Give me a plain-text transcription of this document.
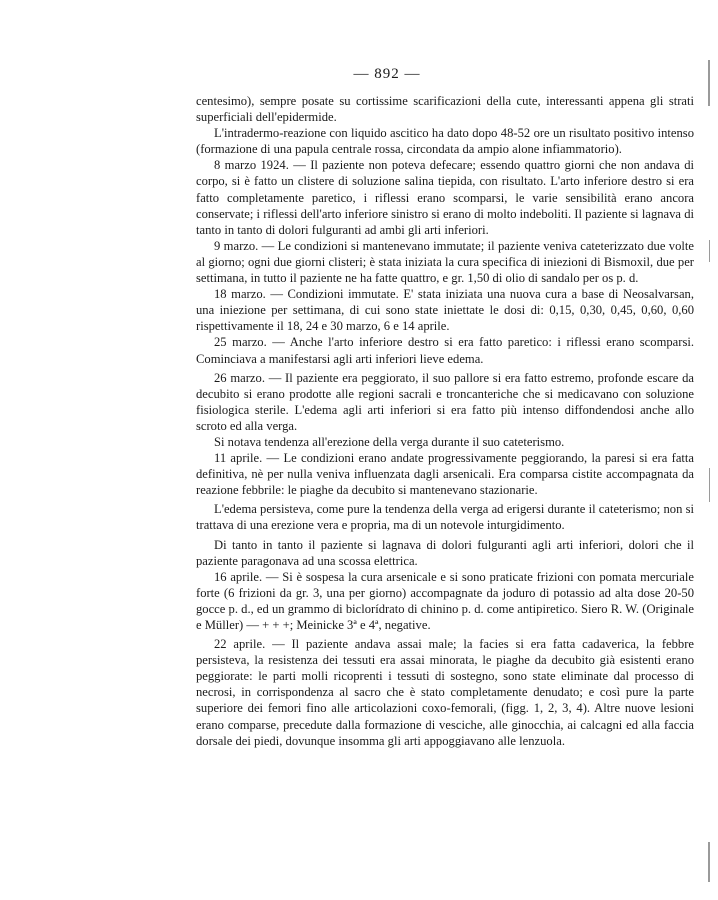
— 892 —

centesimo), sempre posate su cortissime scarificazioni della cute, interessanti appena gli strati superficiali dell'epidermide.

L'intradermo-reazione con liquido ascitico ha dato dopo 48-52 ore un risultato positivo intenso (formazione di una papula centrale rossa, circondata da ampio alone infiammatorio).

8 marzo 1924. –– Il paziente non poteva defecare; essendo quattro giorni che non andava di corpo, si è fatto un clistere di soluzione salina tiepida, con risultato. L'arto inferiore destro si era fatto completamente paretico, i riflessi erano scomparsi, le varie sensibilità erano ancora conservate; i riflessi dell'arto inferiore sinistro si erano di molto indeboliti. Il paziente si lagnava di tanto in tanto di dolori fulguranti ad ambi gli arti inferiori.

9 marzo. — Le condizioni si mantenevano immutate; il paziente veniva cateterizzato due volte al giorno; ogni due giorni clisteri; è stata iniziata la cura specifica di iniezioni di Bismoxil, due per settimana, in tutto il paziente ne ha fatte quattro, e gr. 1,50 di olio di sandalo per os p. d.

18 marzo. — Condizioni immutate. E' stata iniziata una nuova cura a base di Neosalvarsan, una iniezione per settimana, di cui sono state iniettate le dosi di: 0,15, 0,30, 0,45, 0,60, 0,60 rispettivamente il 18, 24 e 30 marzo, 6 e 14 aprile.

25 marzo. — Anche l'arto inferiore destro si era fatto paretico: i riflessi erano scomparsi. Cominciava a manifestarsi agli arti inferiori lieve edema.

26 marzo. — Il paziente era peggiorato, il suo pallore si era fatto estremo, profonde escare da decubito si erano prodotte alle regioni sacrali e troncanteriche che si medicavano con soluzione fisiologica sterile. L'edema agli arti inferiori si era fatto più intenso diffondendosi anche allo scroto ed alla verga.

Si notava tendenza all'erezione della verga durante il suo cateterismo.

11 aprile. — Le condizioni erano andate progressivamente peggiorando, la paresi si era fatta definitiva, nè per nulla veniva influenzata dagli arsenicali. Era comparsa cistite accompagnata da reazione febbrile: le piaghe da decubito si mantenevano stazionarie.

L'edema persisteva, come pure la tendenza della verga ad erigersi durante il cateterismo; non si trattava di una erezione vera e propria, ma di un notevole inturgidimento.

Di tanto in tanto il paziente si lagnava di dolori fulguranti agli arti inferiori, dolori che il paziente paragonava ad una scossa elettrica.

16 aprile. — Si è sospesa la cura arsenicale e si sono praticate frizioni con pomata mercuriale forte (6 frizioni da gr. 3, una per giorno) accompagnate da joduro di potassio ad alta dose 20-50 gocce p. d., ed un grammo di biclorídrato di chinino p. d. come antipiretico. Siero R. W. (Originale e Müller) — + + +; Meinicke 3ª e 4ª, negative.

22 aprile. — Il paziente andava assai male; la facies si era fatta cadaverica, la febbre persisteva, la resistenza dei tessuti era assai minorata, le piaghe da decubito già esistenti erano peggiorate: le parti molli ricoprenti i tessuti di sostegno, sono state eliminate dal processo di necrosi, in corrispondenza al sacro che è stato completamente denudato; e così pure la parte superiore dei femori fino alle articolazioni coxo-femorali, (figg. 1, 2, 3, 4). Altre nuove lesioni erano comparse, precedute dalla formazione di vesciche, alle ginocchia, ai calcagni ed alla faccia dorsale dei piedi, dovunque insomma gli arti appoggiavano alle lenzuola.
